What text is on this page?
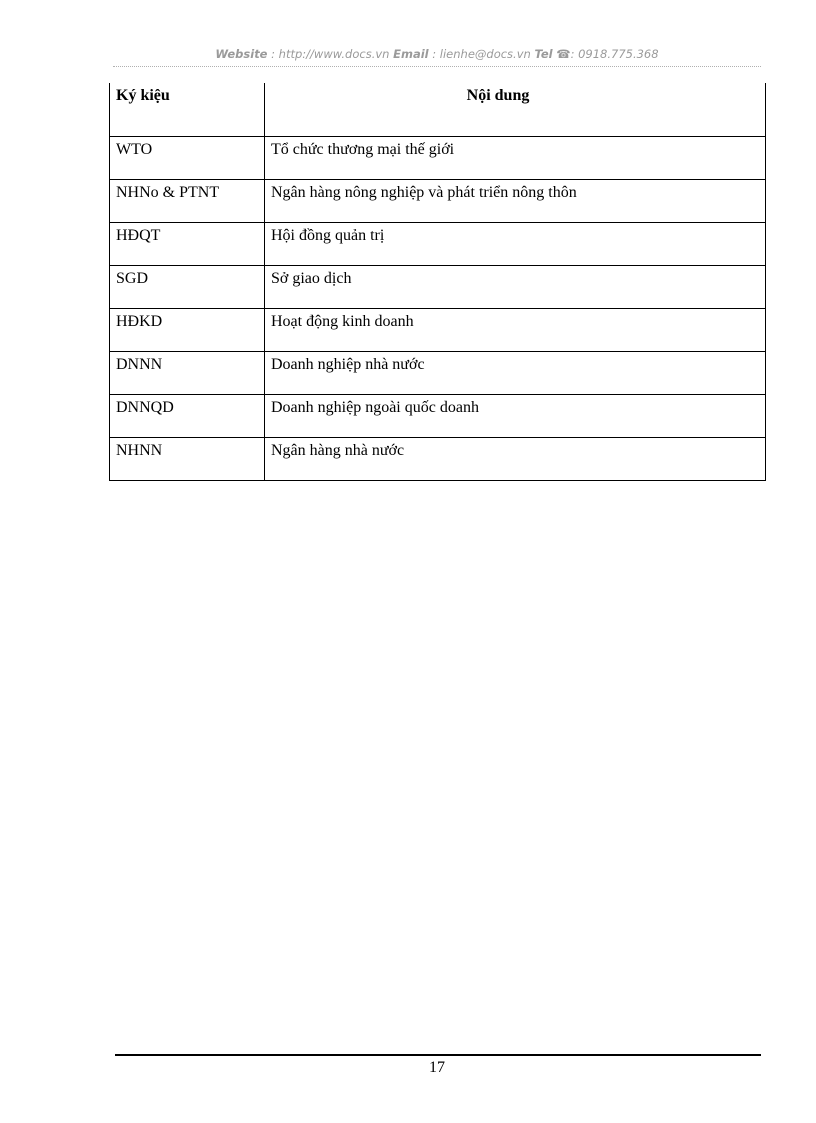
Website : http://www.docs.vn Email : lienhe@docs.vn Tel ☎: 0918.775.368
Ký kiệu	Nội dung
WTO	Tổ chức thương mại thế giới
NHNo & PTNT	Ngân hàng nông nghiệp và phát triển nông thôn
HĐQT	Hội đồng quản trị
SGD	Sở giao dịch
HĐKD	Hoạt động kinh doanh
DNNN	Doanh nghiệp nhà nước
DNNQD	Doanh nghiệp ngoài quốc doanh
NHNN	Ngân hàng nhà nước
17
